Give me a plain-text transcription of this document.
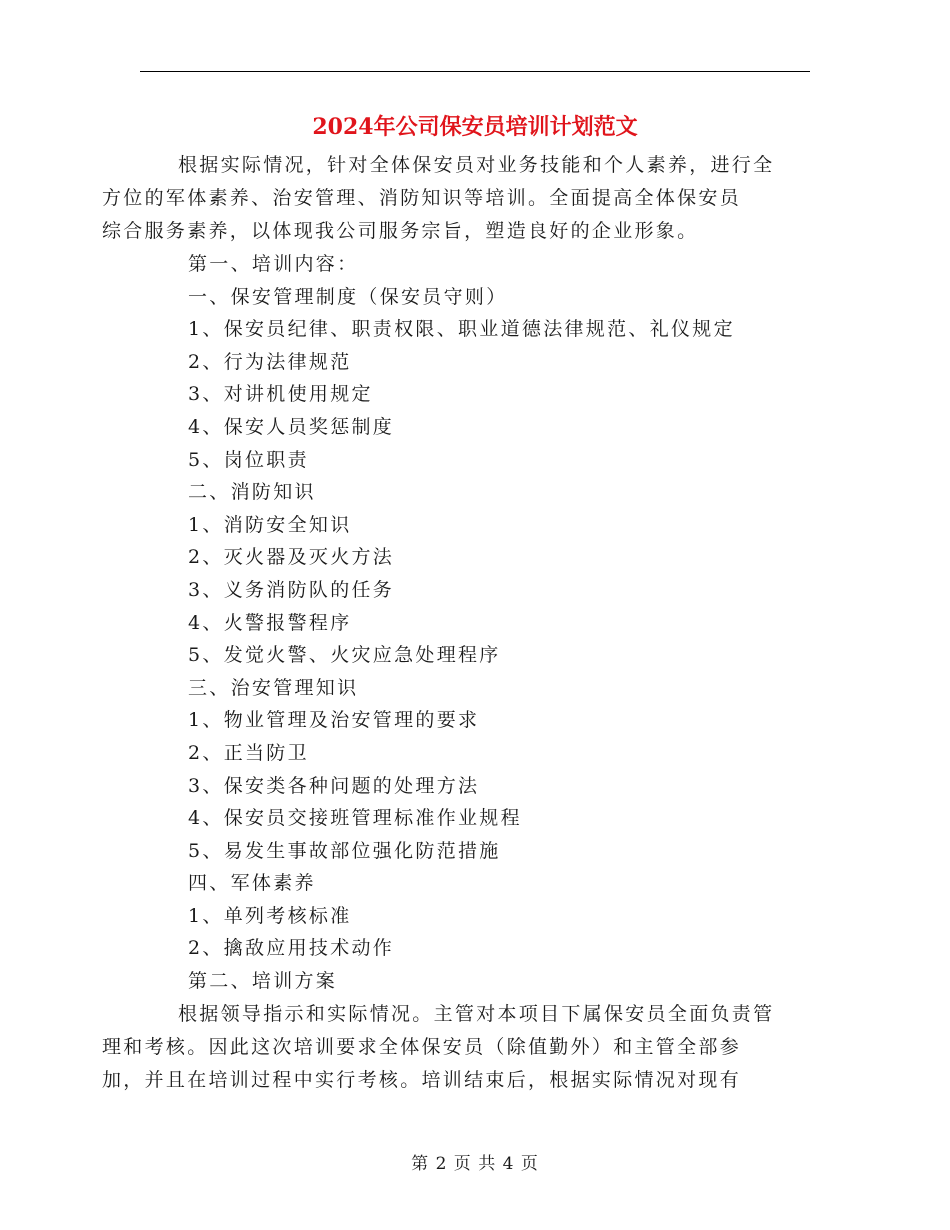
2024年公司保安员培训计划范文

根据实际情况，针对全体保安员对业务技能和个人素养，进行全
方位的军体素养、治安管理、消防知识等培训。全面提高全体保安员
综合服务素养，以体现我公司服务宗旨，塑造良好的企业形象。

第一、培训内容：

一、保安管理制度（保安员守则）

1、保安员纪律、职责权限、职业道德法律规范、礼仪规定

2、行为法律规范

3、对讲机使用规定

4、保安人员奖惩制度

5、岗位职责

二、消防知识

1、消防安全知识

2、灭火器及灭火方法

3、义务消防队的任务

4、火警报警程序

5、发觉火警、火灾应急处理程序

三、治安管理知识

1、物业管理及治安管理的要求

2、正当防卫

3、保安类各种问题的处理方法

4、保安员交接班管理标准作业规程

5、易发生事故部位强化防范措施

四、军体素养

1、单列考核标准

2、擒敌应用技术动作

第二、培训方案

根据领导指示和实际情况。主管对本项目下属保安员全面负责管
理和考核。因此这次培训要求全体保安员（除值勤外）和主管全部参
加，并且在培训过程中实行考核。培训结束后，根据实际情况对现有

第 2 页 共 4 页
